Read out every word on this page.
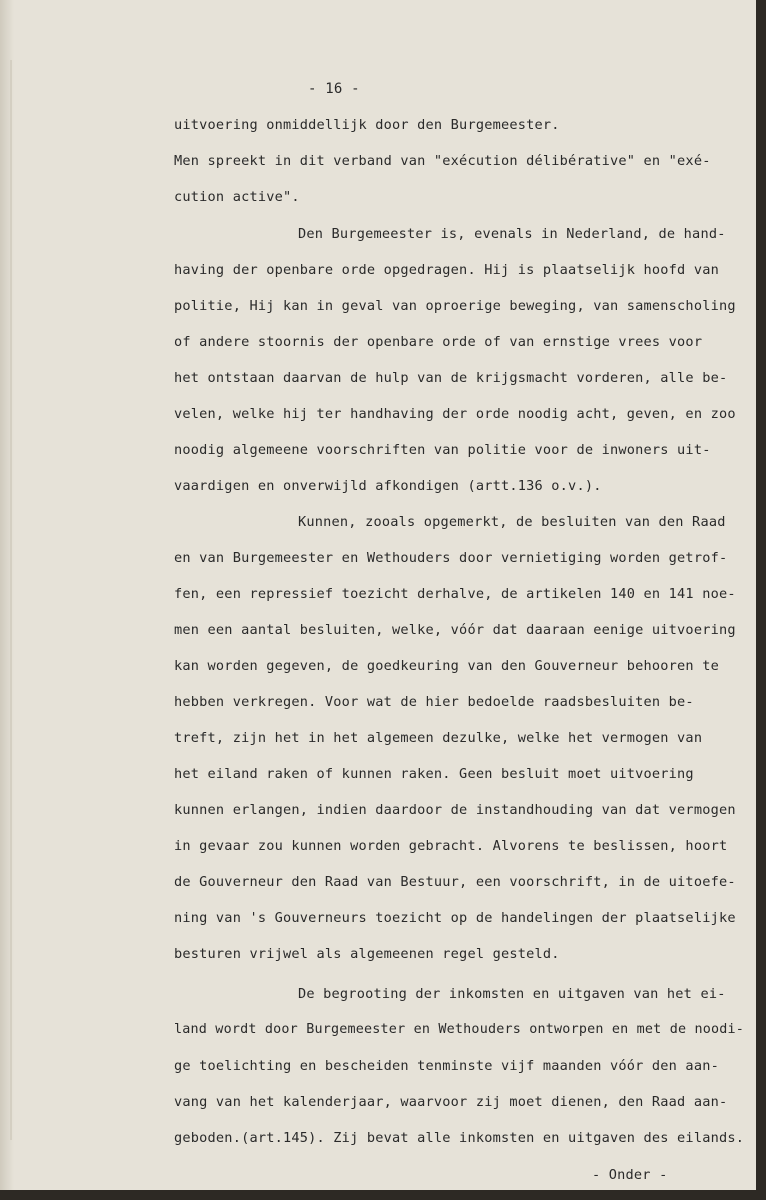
- 16 -

uitvoering onmiddellijk door den Burgemeester.

Men spreekt in dit verband van "exécution délibérative" en "exé-

cution active".

Den Burgemeester is, evenals in Nederland, de hand-

having der openbare orde opgedragen. Hij is plaatselijk hoofd van

politie, Hij kan in geval van oproerige beweging, van samenscholing

of andere stoornis der openbare orde of van ernstige vrees voor

het ontstaan daarvan de hulp van de krijgsmacht vorderen, alle be-

velen, welke hij ter handhaving der orde noodig acht, geven, en zoo

noodig algemeene voorschriften van politie voor de inwoners uit-

vaardigen en onverwijld afkondigen (artt.136 o.v.).

Kunnen, zooals opgemerkt, de besluiten van den Raad

en van Burgemeester en Wethouders door vernietiging worden getrof-

fen, een repressief toezicht derhalve, de artikelen 140 en 141 noe-

men een aantal besluiten, welke, vóór dat daaraan eenige uitvoering

kan worden gegeven, de goedkeuring van den Gouverneur behooren te

hebben verkregen. Voor wat de hier bedoelde raadsbesluiten be-

treft, zijn het in het algemeen dezulke, welke het vermogen van

het eiland raken of kunnen raken. Geen besluit moet uitvoering

kunnen erlangen, indien daardoor de instandhouding van dat vermogen

in gevaar zou kunnen worden gebracht. Alvorens te beslissen, hoort

de Gouverneur den Raad van Bestuur, een voorschrift, in de uitoefe-

ning van 's Gouverneurs toezicht op de handelingen der plaatselijke

besturen vrijwel als algemeenen regel gesteld.

De begrooting der inkomsten en uitgaven van het ei-

land wordt door Burgemeester en Wethouders ontworpen en met de noodi-

ge toelichting en bescheiden tenminste vijf maanden vóór den aan-

vang van het kalenderjaar, waarvoor zij moet dienen, den Raad aan-

geboden.(art.145). Zij bevat alle inkomsten en uitgaven des eilands.

- Onder -
